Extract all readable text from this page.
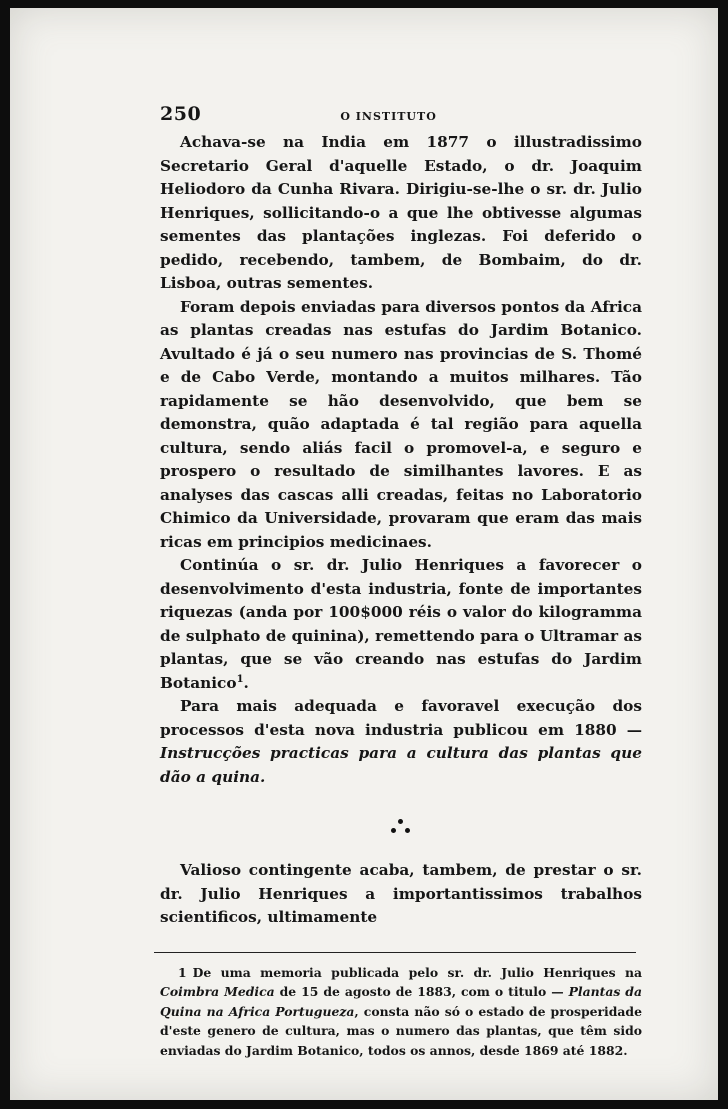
250	O INSTITUTO

Achava-se na India em 1877 o illustradissimo Secretario Geral d'aquelle Estado, o dr. Joaquim Heliodoro da Cunha Rivara. Dirigiu-se-lhe o sr. dr. Julio Henriques, sollicitando-o a que lhe obtivesse algumas sementes das plantações inglezas. Foi deferido o pedido, recebendo, tambem, de Bombaim, do dr. Lisboa, outras sementes.

Foram depois enviadas para diversos pontos da Africa as plantas creadas nas estufas do Jardim Botanico. Avultado é já o seu numero nas provincias de S. Thomé e de Cabo Verde, montando a muitos milhares. Tão rapidamente se hão desenvolvido, que bem se demonstra, quão adaptada é tal região para aquella cultura, sendo aliás facil o promovel-a, e seguro e prospero o resultado de similhantes lavores. E as analyses das cascas alli creadas, feitas no Laboratorio Chimico da Universidade, provaram que eram das mais ricas em principios medicinaes.

Continúa o sr. dr. Julio Henriques a favorecer o desenvolvimento d'esta industria, fonte de importantes riquezas (anda por 100$000 réis o valor do kilogramma de sulphato de quinina), remettendo para o Ultramar as plantas, que se vão creando nas estufas do Jardim Botanico$^1$.

Para mais adequada e favoravel execução dos processos d'esta nova industria publicou em 1880 — Instrucções practicas para a cultura das plantas que dão a quina.

Valioso contingente acaba, tambem, de prestar o sr. dr. Julio Henriques a importantissimos trabalhos scientificos, ultimamente

1 De uma memoria publicada pelo sr. dr. Julio Henriques na Coimbra Medica de 15 de agosto de 1883, com o titulo — Plantas da Quina na Africa Portugueza, consta não só o estado de prosperidade d'este genero de cultura, mas o numero das plantas, que têm sido enviadas do Jardim Botanico, todos os annos, desde 1869 até 1882.
